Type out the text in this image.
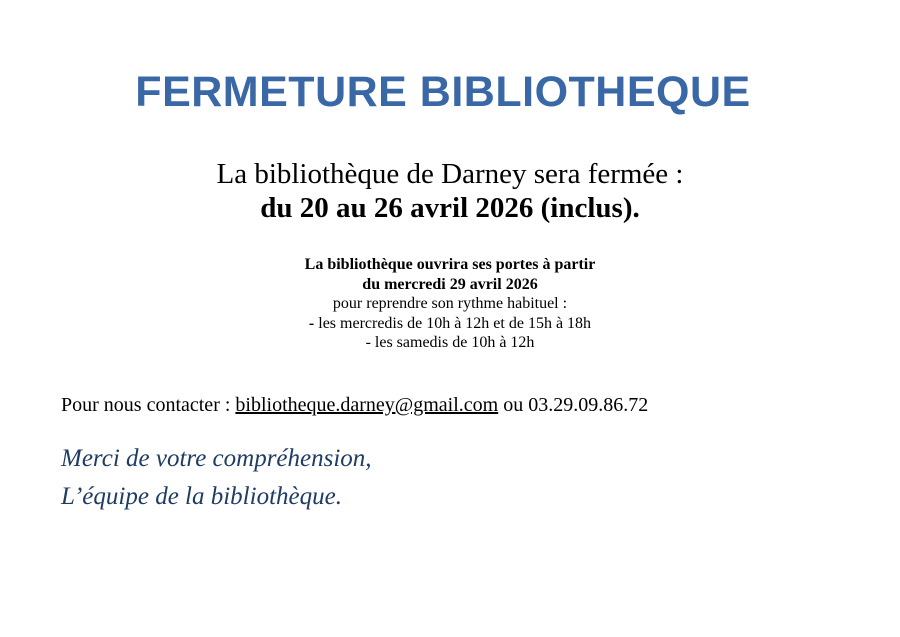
FERMETURE BIBLIOTHEQUE
La bibliothèque de Darney sera fermée :
du 20 au 26 avril 2026 (inclus).
La bibliothèque ouvrira ses portes à partir
du mercredi 29 avril 2026
pour reprendre son rythme habituel :
- les mercredis de 10h à 12h et de 15h à 18h
- les samedis de 10h à 12h
Pour nous contacter : bibliotheque.darney@gmail.com ou 03.29.09.86.72
Merci de votre compréhension,
L’équipe de la bibliothèque.
